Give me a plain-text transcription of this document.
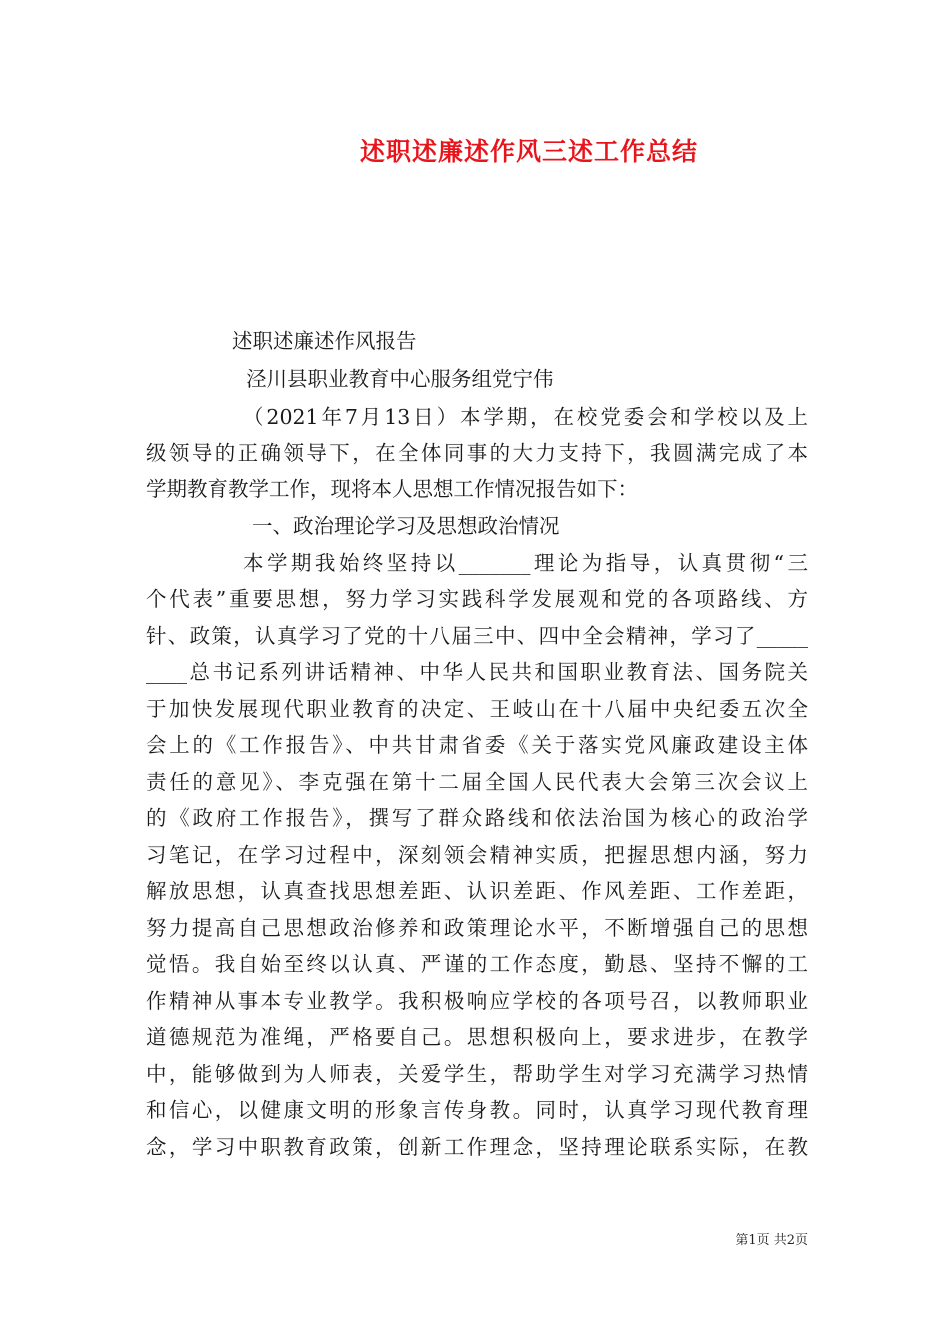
述职述廉述作风三述工作总结
述职述廉述作风报告
泾川县职业教育中心服务组党宁伟
（2021年7月13日）本学期，在校党委会和学校以及上
级领导的正确领导下，在全体同事的大力支持下，我圆满完成了本
学期教育教学工作，现将本人思想工作情况报告如下：
一、政治理论学习及思想政治情况
本学期我始终坚持以_______理论为指导，认真贯彻“三
个代表”重要思想，努力学习实践科学发展观和党的各项路线、方
针、政策，认真学习了党的十八届三中、四中全会精神，学习了_____
____总书记系列讲话精神、中华人民共和国职业教育法、国务院关
于加快发展现代职业教育的决定、王岐山在十八届中央纪委五次全
会上的《工作报告》、中共甘肃省委《关于落实党风廉政建设主体
责任的意见》、李克强在第十二届全国人民代表大会第三次会议上
的《政府工作报告》，撰写了群众路线和依法治国为核心的政治学
习笔记，在学习过程中，深刻领会精神实质，把握思想内涵，努力
解放思想，认真查找思想差距、认识差距、作风差距、工作差距，
努力提高自己思想政治修养和政策理论水平，不断增强自己的思想
觉悟。我自始至终以认真、严谨的工作态度，勤恳、坚持不懈的工
作精神从事本专业教学。我积极响应学校的各项号召，以教师职业
道德规范为准绳，严格要自己。思想积极向上，要求进步，在教学
中，能够做到为人师表，关爱学生，帮助学生对学习充满学习热情
和信心，以健康文明的形象言传身教。同时，认真学习现代教育理
念，学习中职教育政策，创新工作理念，坚持理论联系实际，在教
第1页 共2页
